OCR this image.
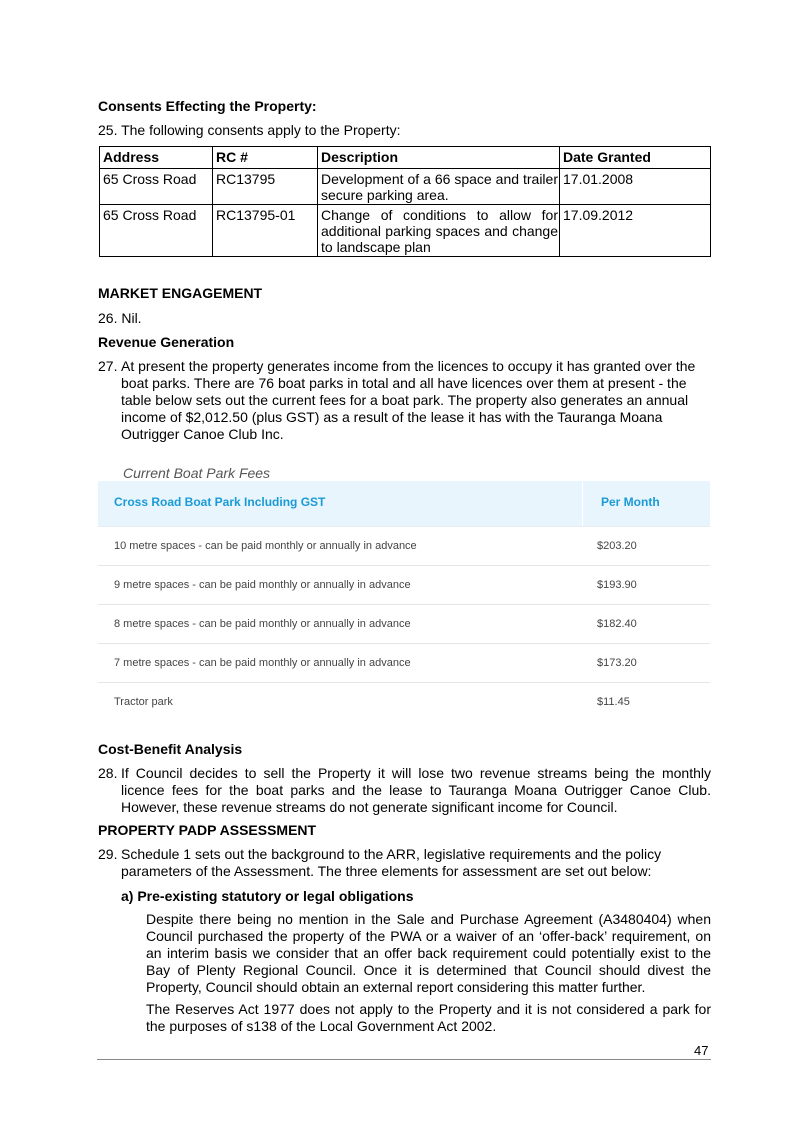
Consents Effecting the Property:
25. The following consents apply to the Property:
Address	RC #	Description	Date Granted
65 Cross Road	RC13795	Development of a 66 space and trailer secure parking area.	17.01.2008
65 Cross Road	RC13795-01	Change of conditions to allow for additional parking spaces and change to landscape plan	17.09.2012
MARKET ENGAGEMENT
26. Nil.
Revenue Generation
27. At present the property generates income from the licences to occupy it has granted over the boat parks. There are 76 boat parks in total and all have licences over them at present - the table below sets out the current fees for a boat park. The property also generates an annual income of $2,012.50 (plus GST) as a result of the lease it has with the Tauranga Moana Outrigger Canoe Club Inc.
Current Boat Park Fees
Cross Road Boat Park Including GST	Per Month
10 metre spaces - can be paid monthly or annually in advance	$203.20
9 metre spaces - can be paid monthly or annually in advance	$193.90
8 metre spaces - can be paid monthly or annually in advance	$182.40
7 metre spaces - can be paid monthly or annually in advance	$173.20
Tractor park	$11.45
Cost-Benefit Analysis
28. If Council decides to sell the Property it will lose two revenue streams being the monthly licence fees for the boat parks and the lease to Tauranga Moana Outrigger Canoe Club. However, these revenue streams do not generate significant income for Council.
PROPERTY PADP ASSESSMENT
29. Schedule 1 sets out the background to the ARR, legislative requirements and the policy parameters of the Assessment. The three elements for assessment are set out below:
a) Pre-existing statutory or legal obligations
Despite there being no mention in the Sale and Purchase Agreement (A3480404) when Council purchased the property of the PWA or a waiver of an ‘offer-back’ requirement, on an interim basis we consider that an offer back requirement could potentially exist to the Bay of Plenty Regional Council. Once it is determined that Council should divest the Property, Council should obtain an external report considering this matter further.
The Reserves Act 1977 does not apply to the Property and it is not considered a park for the purposes of s138 of the Local Government Act 2002.
47
